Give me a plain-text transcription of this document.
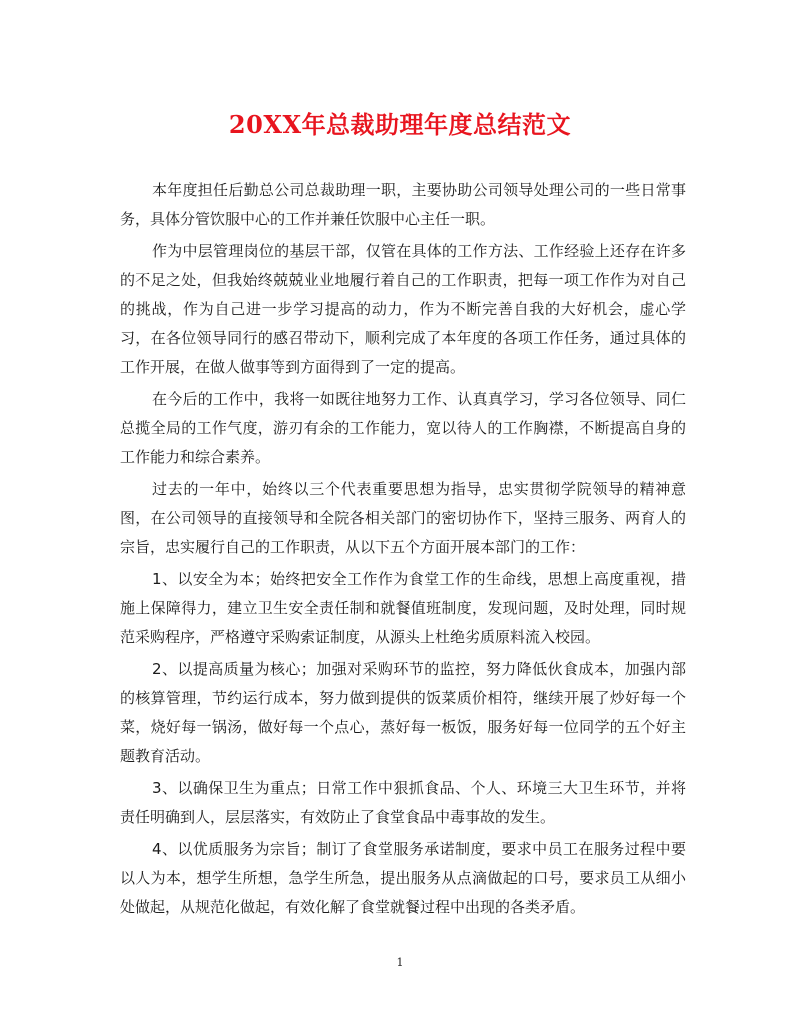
20XX年总裁助理年度总结范文

本年度担任后勤总公司总裁助理一职，主要协助公司领导处理公司的一些日常事务，具体分管饮服中心的工作并兼任饮服中心主任一职。

作为中层管理岗位的基层干部，仅管在具体的工作方法、工作经验上还存在许多的不足之处，但我始终兢兢业业地履行着自己的工作职责，把每一项工作作为对自己的挑战，作为自己进一步学习提高的动力，作为不断完善自我的大好机会，虚心学习，在各位领导同行的感召带动下，顺利完成了本年度的各项工作任务，通过具体的工作开展，在做人做事等到方面得到了一定的提高。

在今后的工作中，我将一如既往地努力工作、认真真学习，学习各位领导、同仁总揽全局的工作气度，游刃有余的工作能力，宽以待人的工作胸襟，不断提高自身的工作能力和综合素养。

过去的一年中，始终以三个代表重要思想为指导，忠实贯彻学院领导的精神意图，在公司领导的直接领导和全院各相关部门的密切协作下，坚持三服务、两育人的宗旨，忠实履行自己的工作职责，从以下五个方面开展本部门的工作：

1、以安全为本；始终把安全工作作为食堂工作的生命线，思想上高度重视，措施上保障得力，建立卫生安全责任制和就餐值班制度，发现问题，及时处理，同时规范采购程序，严格遵守采购索证制度，从源头上杜绝劣质原料流入校园。

2、以提高质量为核心；加强对采购环节的监控，努力降低伙食成本，加强内部的核算管理，节约运行成本，努力做到提供的饭菜质价相符，继续开展了炒好每一个菜，烧好每一锅汤，做好每一个点心，蒸好每一板饭，服务好每一位同学的五个好主题教育活动。

3、以确保卫生为重点；日常工作中狠抓食品、个人、环境三大卫生环节，并将责任明确到人，层层落实，有效防止了食堂食品中毒事故的发生。

4、以优质服务为宗旨；制订了食堂服务承诺制度，要求中员工在服务过程中要以人为本，想学生所想，急学生所急，提出服务从点滴做起的口号，要求员工从细小处做起，从规范化做起，有效化解了食堂就餐过程中出现的各类矛盾。

1
